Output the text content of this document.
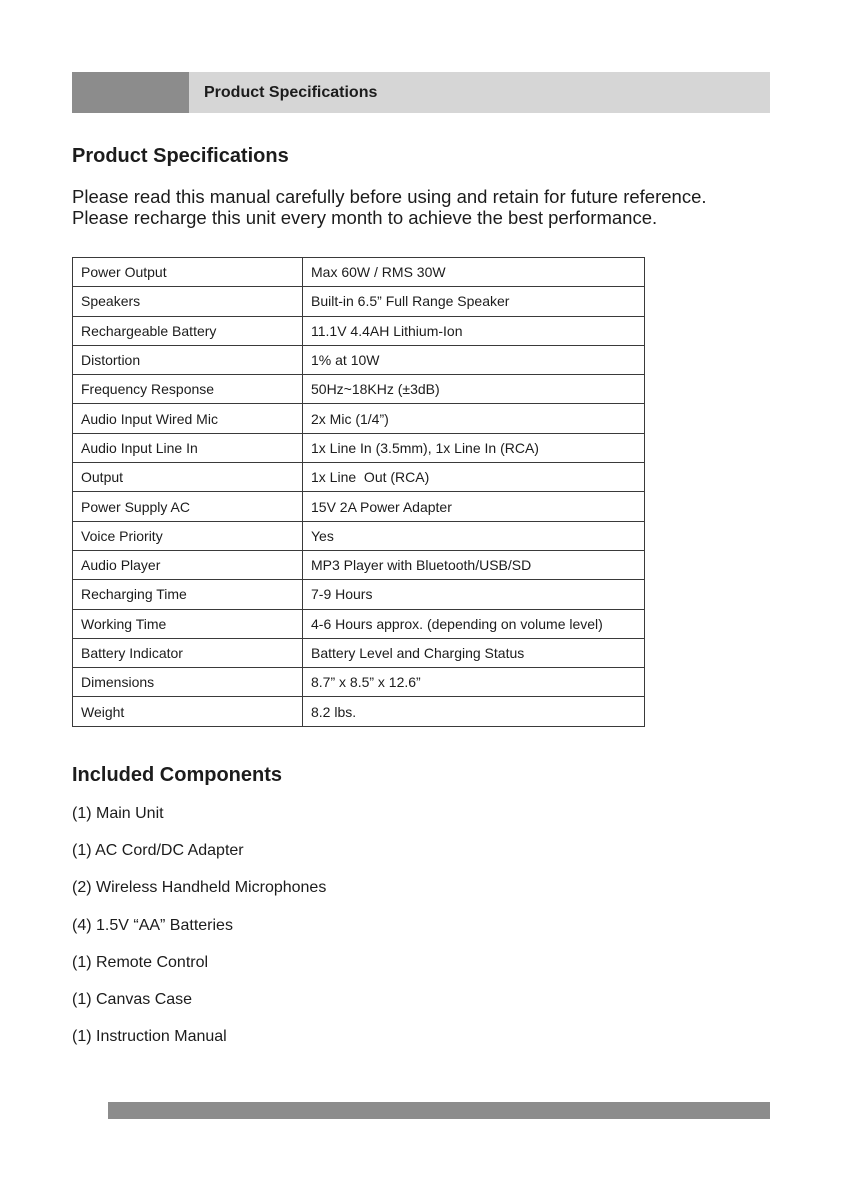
Product Specifications
Product Specifications

Please read this manual carefully before using and retain for future reference.

Please recharge this unit every month to achieve the best performance.

Power Output	Max 60W / RMS 30W
Speakers	Built-in 6.5” Full Range Speaker
Rechargeable Battery	11.1V 4.4AH Lithium-Ion
Distortion	1% at 10W
Frequency Response	50Hz~18KHz (±3dB)
Audio Input Wired Mic	2x Mic (1/4”)
Audio Input Line In	1x Line In (3.5mm), 1x Line In (RCA)
Output	1x Line  Out (RCA)
Power Supply AC	15V 2A Power Adapter
Voice Priority	Yes
Audio Player	MP3 Player with Bluetooth/USB/SD
Recharging Time	7-9 Hours
Working Time	4-6 Hours approx. (depending on volume level)
Battery Indicator	Battery Level and Charging Status
Dimensions	8.7” x 8.5” x 12.6”
Weight	8.2 lbs.
Included Components
(1) Main Unit
(1) AC Cord/DC Adapter
(2) Wireless Handheld Microphones
(4) 1.5V “AA” Batteries
(1) Remote Control
(1) Canvas Case
(1) Instruction Manual
